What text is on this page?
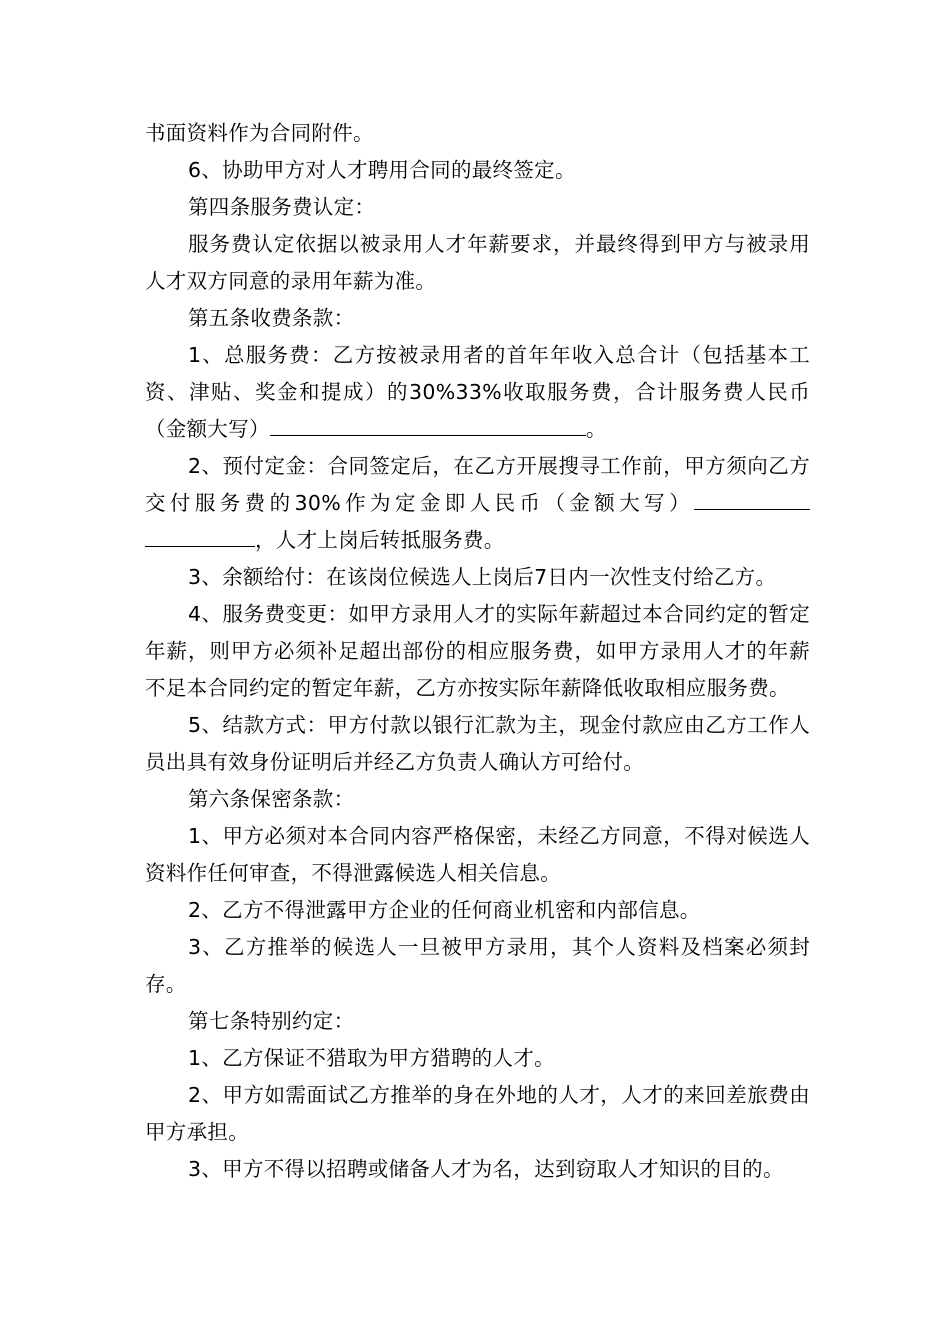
书面资料作为合同附件。

6、协助甲方对人才聘用合同的最终签定。

第四条服务费认定：

服务费认定依据以被录用人才年薪要求，并最终得到甲方与被录用人才双方同意的录用年薪为准。

第五条收费条款：

1、总服务费：乙方按被录用者的首年年收入总合计（包括基本工资、津贴、奖金和提成）的30%33%收取服务费，合计服务费人民币（金额大写）	。

2、预付定金：合同签定后，在乙方开展搜寻工作前，甲方须向乙方交付服务费的30%作为定金即人民币（金额大写） ，人才上岗后转抵服务费。

3、余额给付：在该岗位候选人上岗后7日内一次性支付给乙方。

4、服务费变更：如甲方录用人才的实际年薪超过本合同约定的暂定年薪，则甲方必须补足超出部份的相应服务费，如甲方录用人才的年薪不足本合同约定的暂定年薪，乙方亦按实际年薪降低收取相应服务费。

5、结款方式：甲方付款以银行汇款为主，现金付款应由乙方工作人员出具有效身份证明后并经乙方负责人确认方可给付。

第六条保密条款：

1、甲方必须对本合同内容严格保密，未经乙方同意，不得对候选人资料作任何审查，不得泄露候选人相关信息。

2、乙方不得泄露甲方企业的任何商业机密和内部信息。

3、乙方推举的候选人一旦被甲方录用，其个人资料及档案必须封存。

第七条特别约定：

1、乙方保证不猎取为甲方猎聘的人才。

2、甲方如需面试乙方推举的身在外地的人才，人才的来回差旅费由甲方承担。

3、甲方不得以招聘或储备人才为名，达到窃取人才知识的目的。
